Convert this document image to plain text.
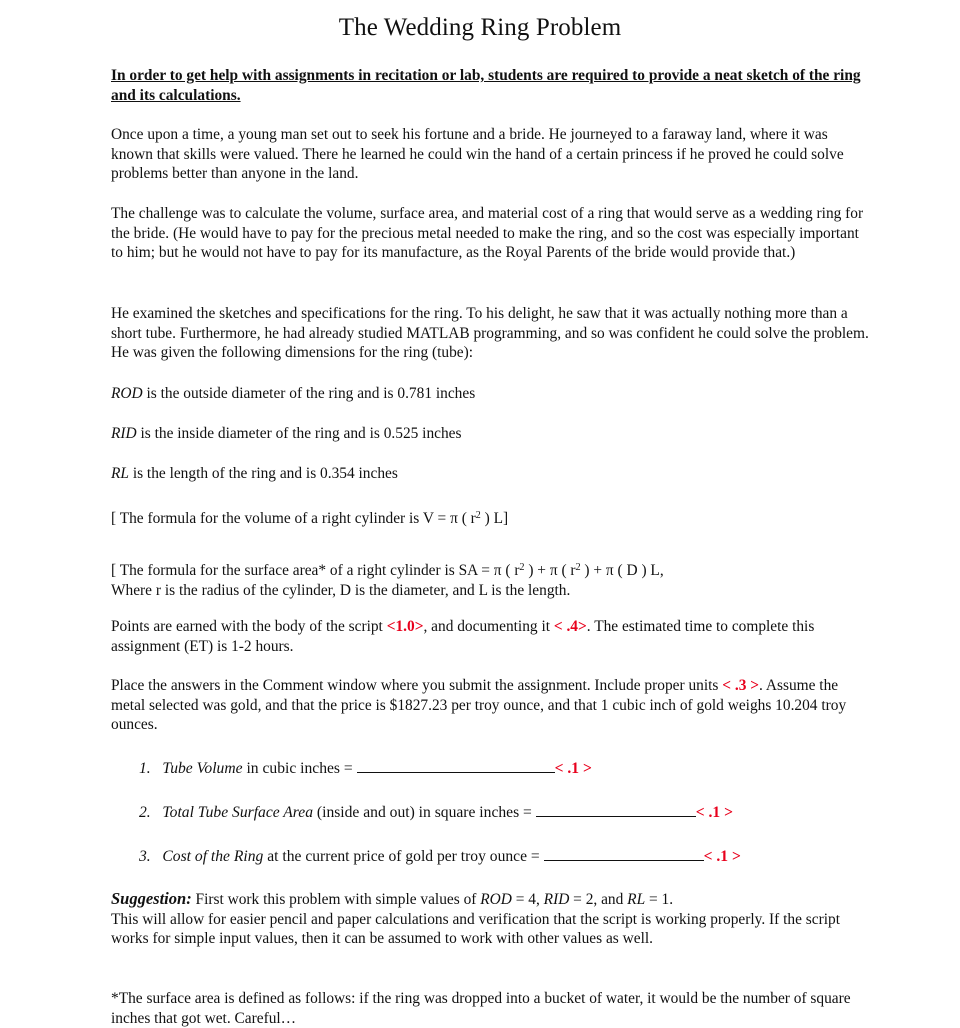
The Wedding Ring Problem
In order to get help with assignments in recitation or lab, students are required to provide a neat sketch of the ring and its calculations.
Once upon a time, a young man set out to seek his fortune and a bride. He journeyed to a faraway land, where it was known that skills were valued. There he learned he could win the hand of a certain princess if he proved he could solve problems better than anyone in the land.
The challenge was to calculate the volume, surface area, and material cost of a ring that would serve as a wedding ring for the bride. (He would have to pay for the precious metal needed to make the ring, and so the cost was especially important to him; but he would not have to pay for its manufacture, as the Royal Parents of the bride would provide that.)
He examined the sketches and specifications for the ring. To his delight, he saw that it was actually nothing more than a short tube. Furthermore, he had already studied MATLAB programming, and so was confident he could solve the problem. He was given the following dimensions for the ring (tube):
ROD is the outside diameter of the ring and is 0.781 inches
RID is the inside diameter of the ring and is 0.525 inches
RL is the length of the ring and is 0.354 inches
[ The formula for the volume of a right cylinder is V = π ( $r^2$ ) L]
[ The formula for the surface area* of a right cylinder is SA = π ( $r^2$ ) + π ( $r^2$ ) + π ( D ) L,
Where r is the radius of the cylinder, D is the diameter, and L is the length.
Points are earned with the body of the script <1.0>, and documenting it < .4>. The estimated time to complete this assignment (ET) is 1-2 hours.
Place the answers in the Comment window where you submit the assignment. Include proper units < .3 >. Assume the metal selected was gold, and that the price is $1827.23 per troy ounce, and that 1 cubic inch of gold weighs 10.204 troy ounces.
1. Tube Volume in cubic inches =	< .1 >
2. Total Tube Surface Area (inside and out) in square inches =	< .1 >
3. Cost of the Ring at the current price of gold per troy ounce =	< .1 >
Suggestion: First work this problem with simple values of ROD = 4, RID = 2, and RL = 1.
This will allow for easier pencil and paper calculations and verification that the script is working properly. If the script works for simple input values, then it can be assumed to work with other values as well.
*The surface area is defined as follows: if the ring was dropped into a bucket of water, it would be the number of square inches that got wet. Careful…
